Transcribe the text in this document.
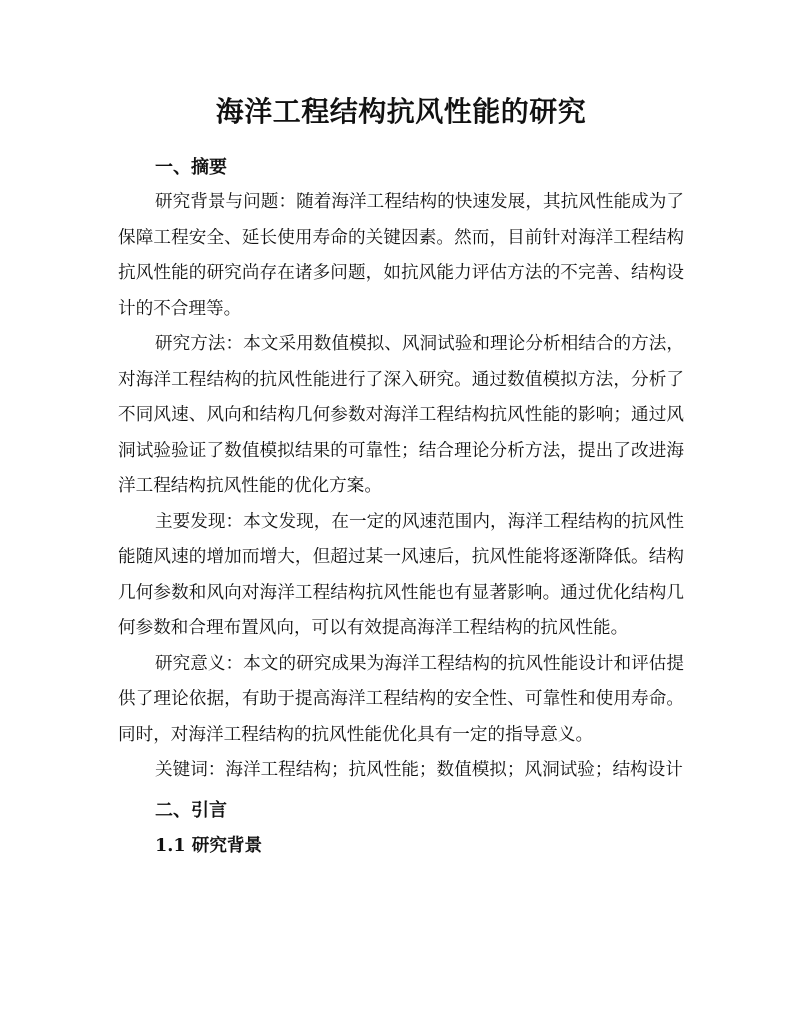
海洋工程结构抗风性能的研究
一、摘要

研究背景与问题：随着海洋工程结构的快速发展，其抗风性能成为了保障工程安全、延长使用寿命的关键因素。然而，目前针对海洋工程结构抗风性能的研究尚存在诸多问题，如抗风能力评估方法的不完善、结构设计的不合理等。

研究方法：本文采用数值模拟、风洞试验和理论分析相结合的方法，对海洋工程结构的抗风性能进行了深入研究。通过数值模拟方法，分析了不同风速、风向和结构几何参数对海洋工程结构抗风性能的影响；通过风洞试验验证了数值模拟结果的可靠性；结合理论分析方法，提出了改进海洋工程结构抗风性能的优化方案。

主要发现：本文发现，在一定的风速范围内，海洋工程结构的抗风性能随风速的增加而增大，但超过某一风速后，抗风性能将逐渐降低。结构几何参数和风向对海洋工程结构抗风性能也有显著影响。通过优化结构几何参数和合理布置风向，可以有效提高海洋工程结构的抗风性能。

研究意义：本文的研究成果为海洋工程结构的抗风性能设计和评估提供了理论依据，有助于提高海洋工程结构的安全性、可靠性和使用寿命。同时，对海洋工程结构的抗风性能优化具有一定的指导意义。

关键词：海洋工程结构；抗风性能；数值模拟；风洞试验；结构设计

二、引言
1.1 研究背景
